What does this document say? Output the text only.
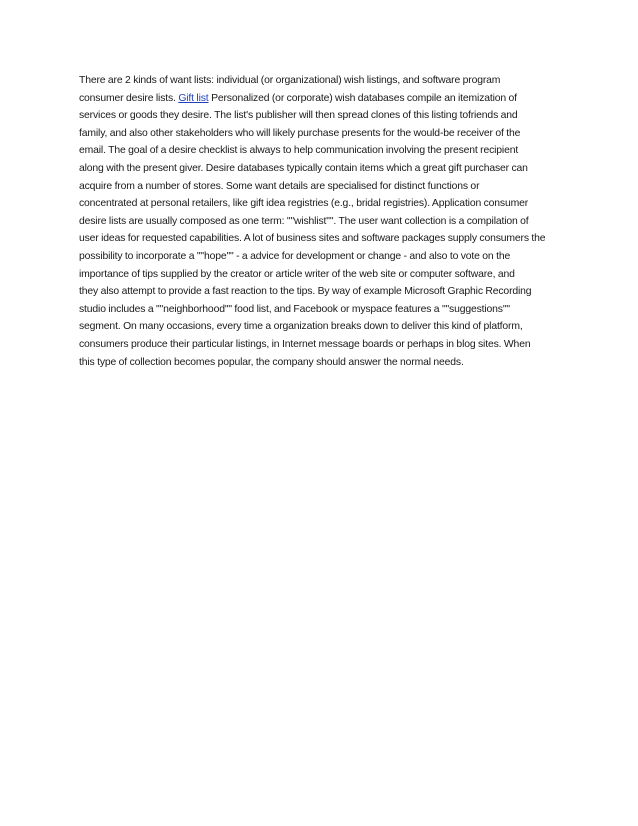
There are 2 kinds of want lists: individual (or organizational) wish listings, and software program
consumer desire lists. Gift list Personalized (or corporate) wish databases compile an itemization of
services or goods they desire. The list's publisher will then spread clones of this listing tofriends and
family, and also other stakeholders who will likely purchase presents for the would-be receiver of the
email. The goal of a desire checklist is always to help communication involving the present recipient
along with the present giver. Desire databases typically contain items which a great gift purchaser can
acquire from a number of stores. Some want details are specialised for distinct functions or
concentrated at personal retailers, like gift idea registries (e.g., bridal registries). Application consumer
desire lists are usually composed as one term: ""wishlist"". The user want collection is a compilation of
user ideas for requested capabilities. A lot of business sites and software packages supply consumers the
possibility to incorporate a ""hope"" - a advice for development or change - and also to vote on the
importance of tips supplied by the creator or article writer of the web site or computer software, and
they also attempt to provide a fast reaction to the tips. By way of example Microsoft Graphic Recording
studio includes a ""neighborhood"" food list, and Facebook or myspace features a ""suggestions""
segment. On many occasions, every time a organization breaks down to deliver this kind of platform,
consumers produce their particular listings, in Internet message boards or perhaps in blog sites. When
this type of collection becomes popular, the company should answer the normal needs.
